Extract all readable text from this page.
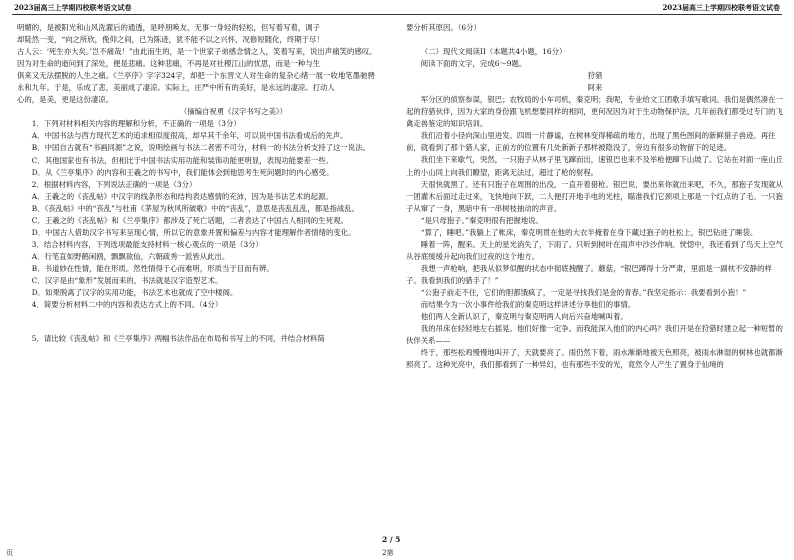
2023届高三上学期四校联考语文试卷	2023届高三上学期四校联考语文试卷
明媚的，是被阳光和山风洗濯后的通透，是呼朋唤友、无事一身轻的轻松，但写着写着，调子
却陡然一变，“向之所欣，俛仰之间，已为陈迹，犹不能不以之兴怀，况修短随化，终期于尽！
古人云：‘死生亦大矣。’岂不痛哉！”由此而生的，是一个世家子弟感念情之人，笑着写来，说出声痛笑的感叹。
因为对生命的逝问到了深处，便是悲痛。这种悲痛，不再是对社稷江山的忧思，而是一种与生
俱来又无法摆脱的人生之痛。《兰亭序》字字324字，却把一个东晋文人对生命的复杂心绪一展一收地笔墨驰骋
永和九年。于是，乐成了悲，美丽成了凄凉。实际上，庄严中所有的美好，是永远的凄凉。打动人
心的，是美，更是这份凄凉。
（摘编自祝勇《汉字书写之美》）
1．下列对材料相关内容的理解和分析，不正确的一项是（3分）
A．中国书法与西方现代艺术的追求相似度很高，却早其千余年，可以说中国书法看成后的先声。
B．中国自古就有“书画同源”之说，说明绘画与书法二者密不可分，材料一的书法分析支持了这一说法。
C．其他国家也有书法，但相比于中国书法实用功能和装饰功能更明显，表现功能要差一些。
D．从《兰亭集序》的内容和王羲之的书写中，我们能体会到他思考生死问题时的内心感受。
2．根据材料内容，下列说法正确的一项是（3分）
A．王羲之的《丧乱帖》中汉字的线条形态和结构表达感情的充沛，因为是书法艺术的起源。
B．《丧乱帖》中的“丧乱”与杜甫《茅屋为秋风所破歌》中的“丧乱”，意思是丧乱乱乱，都是指战乱。
C．王羲之的《丧乱帖》和《兰亭集序》都涉及了死亡话题，二者表达了中国古人相同的生死观。
D．中国古人借助汉字书写来呈现心情，所以它的意象并置和偏差与内容才能理解作者情绪的变化。
3．结合材料内容，下列选项最能支持材料一核心观点的一项是（3分）
A．行笔直如野鹤闲鸥，飘飘欲仙，六朝疏秀一派皆从此出。
B．书道妙在性情，能在形质。然性情得于心而难明，形质当于目而有辨。
C．汉字是由“象形”发展而来的，书法就是汉字造型艺术。
D．如果脱离了汉字的实用功能，书法艺术也就成了空中楼阁。
4．简要分析材料二中的内容和表达方式上的不同。（4分）
5．请比较《丧乱帖》和《兰亭集序》两幅书法作品在布局和书写上的不同，并结合材料简
要分析其原因。（6分）
（二）现代文阅读II（本题共4小题，16分）
阅读下面的文字，完成6～9题。
狩猎
阿来
军分区的侦察参谋，银巴；农牧局的小车司机，秦克明；我呢，专业给文工团歌手填写歌词。我们是偶然凑在一起的狩猎伙伴，因为大家的身份跟飞机想要同样的相同，更何况因为对于生动物保护法，几年前我们都受过专门的飞禽走兽鉴定的知识培训。
我们沿着小径向深山里进发。四周一片静谧，在树林变得稀疏的地方，出现了黑色图间的新鲜猎子兽迹。再往前，就看到了那个猎人家，正前方的位置有几处新新子那样被隐没了，旁边有很多动物留下的足迹。
我们坐下来歇气，突然，一只狍子从林子里飞蹿而出，速银巴也来不及举枪便蹿下山坡了。它站在对面一座山丘上的小山同上向我们瞭望，距离无法过，超过了枪的射程。
天很快就黑了。还有只狍子在周围的出没，一直开着猎枪。银巴说，要出来你就出来吧，不久，那狍子发现就从一团灌木后面过走过来，飞快地向下跃，二人便打开地手电的光柱，瞄准我们它颈项上那是一个红点的了毛。一只狍子从窜了一身，黑暗中有一串树枝抽动的声音。
“是只母狍子。”秦克明很有把握地说。
“算了，睡吧。”我躺上了帐床，秦克明贯在他的大衣半掩着在身下藏过狍子的杜松上，银巴钻进了睡袋。
睡着一阵，醒来。天上的星光消失了，下雨了。只听到树叶在雨声中沙沙作响。恍惚中，我还看到了鸟天上空气从谷底缓缓升起向我们过夜的这个地方。
我想一声枪响，把我从似梦似醒的状态中彻底拽醒了。蘑菇，“银巴蹲得十分严肃，里面是一副枕不安静的样子。我看到我们的猎手了！”
“公狍子前走不住，它们的胆都饿疯了，一定是寻找我们是金的青春。”我坚定指示：我要看到小狍！”
而结果今为一次小事件给我们的秦克明这样讲述分享他们的事情。
他们两人全新认识了，秦克明与秦克明两人向后兴奋地喊叫着。
我的吊床在轻轻地左右摇晃。他们好像一定争。而我能深入他们的内心吗？我们开是在狩猎时建立起一种短暂的伙伴关系——
终于，那些松鸡慢慢地叫开了，天就要亮了。雨仍然下着，雨水渐渐地被天色照亮，被雨水淋湿的树林也就都渐照亮了。这种光亮中，我们都看到了一种异幻，也有那些不安的光，竟然令人产生了置身于仙境的
2 / 5
页	2第
